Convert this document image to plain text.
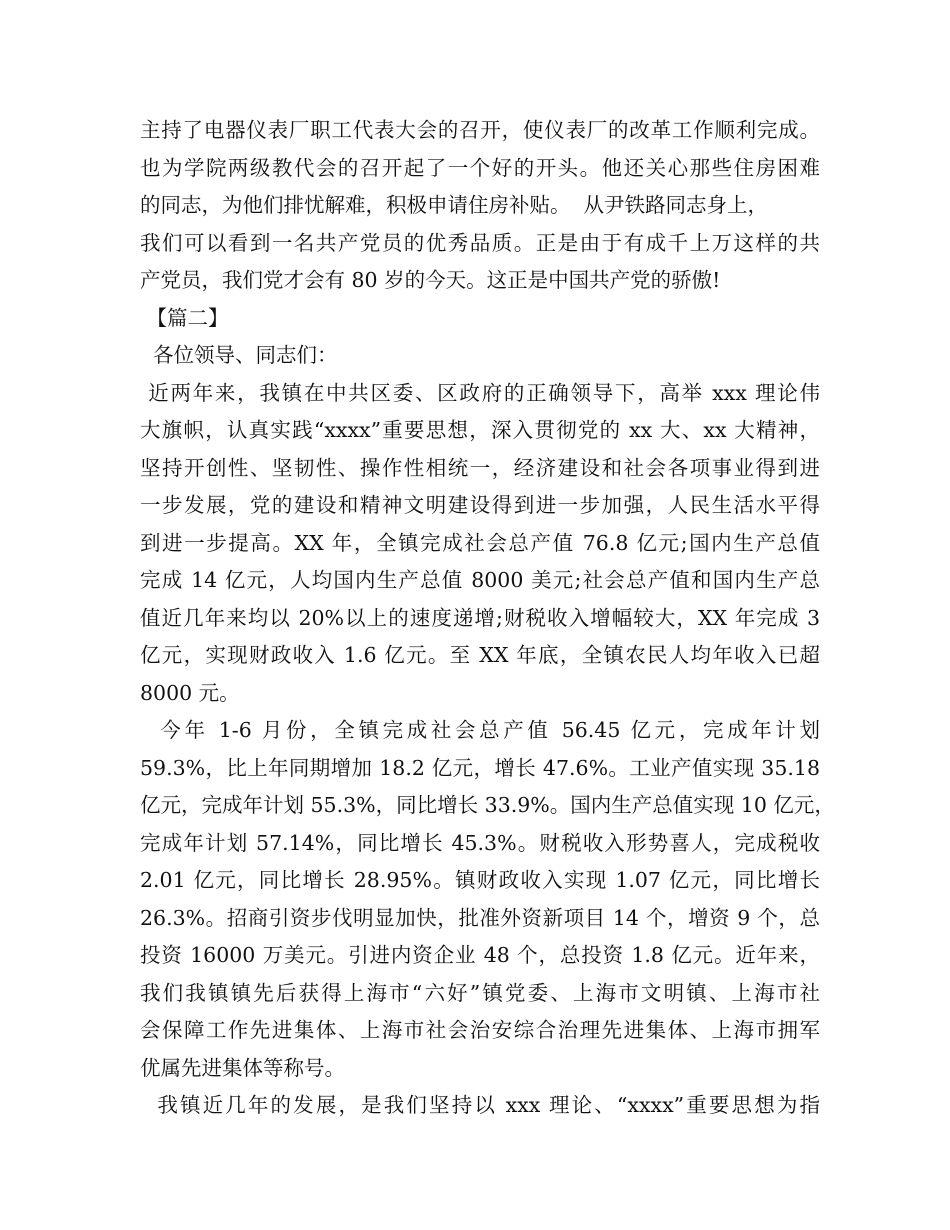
主持了电器仪表厂职工代表大会的召开，使仪表厂的改革工作顺利完成。
也为学院两级教代会的召开起了一个好的开头。他还关心那些住房困难
的同志，为他们排忧解难，积极申请住房补贴。  从尹铁路同志身上，
我们可以看到一名共产党员的优秀品质。正是由于有成千上万这样的共
产党员，我们党才会有 80 岁的今天。这正是中国共产党的骄傲!
【篇二】
各位领导、同志们：
近两年来，我镇在中共区委、区政府的正确领导下，高举 xxx 理论伟
大旗帜，认真实践“xxxx”重要思想，深入贯彻党的 xx 大、xx 大精神，
坚持开创性、坚韧性、操作性相统一，经济建设和社会各项事业得到进
一步发展，党的建设和精神文明建设得到进一步加强，人民生活水平得
到进一步提高。XX 年，全镇完成社会总产值 76.8 亿元;国内生产总值
完成 14 亿元，人均国内生产总值 8000 美元;社会总产值和国内生产总
值近几年来均以 20%以上的速度递增;财税收入增幅较大，XX 年完成 3
亿元，实现财政收入 1.6 亿元。至 XX 年底，全镇农民人均年收入已超
8000 元。
今年 1-6 月份，全镇完成社会总产值 56.45 亿元，完成年计划
59.3%，比上年同期增加 18.2 亿元，增长 47.6%。工业产值实现 35.18
亿元，完成年计划 55.3%，同比增长 33.9%。国内生产总值实现 10 亿元，
完成年计划 57.14%，同比增长 45.3%。财税收入形势喜人，完成税收
2.01 亿元，同比增长 28.95%。镇财政收入实现 1.07 亿元，同比增长
26.3%。招商引资步伐明显加快，批准外资新项目 14 个，增资 9 个，总
投资 16000 万美元。引进内资企业 48 个，总投资 1.8 亿元。近年来，
我们我镇镇先后获得上海市“六好”镇党委、上海市文明镇、上海市社
会保障工作先进集体、上海市社会治安综合治理先进集体、上海市拥军
优属先进集体等称号。
我镇近几年的发展，是我们坚持以 xxx 理论、“xxxx”重要思想为指
